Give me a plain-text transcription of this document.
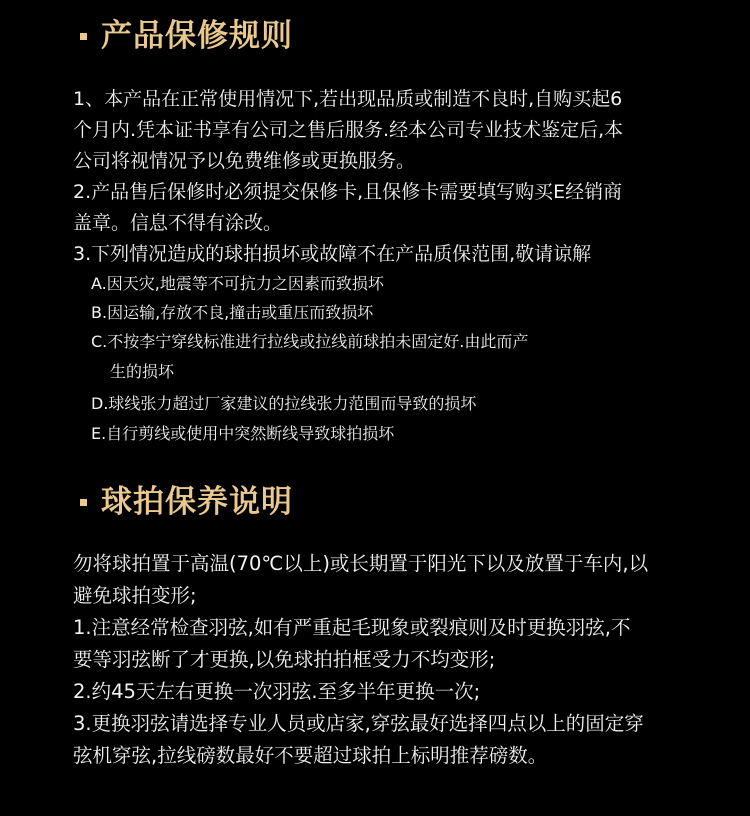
产品保修规则
1、本产品在正常使用情况下,若出现品质或制造不良时,自购买起6
个月内.凭本证书享有公司之售后服务.经本公司专业技术鉴定后,本
公司将视情况予以免费维修或更换服务。
2.产品售后保修时必须提交保修卡,且保修卡需要填写购买E经销商
盖章。信息不得有涂改。
3.下列情况造成的球拍损坏或故障不在产品质保范围,敬请谅解
A.因天灾,地震等不可抗力之因素而致损坏
B.因运输,存放不良,撞击或重压而致损坏
C.不按李宁穿线标准进行拉线或拉线前球拍未固定好.由此而产
生的损坏
D.球线张力超过厂家建议的拉线张力范围而导致的损坏
E.自行剪线或使用中突然断线导致球拍损坏
球拍保养说明
勿将球拍置于高温(70℃以上)或长期置于阳光下以及放置于车内,以
避免球拍变形;
1.注意经常检查羽弦,如有严重起毛现象或裂痕则及时更换羽弦,不
要等羽弦断了才更换,以免球拍拍框受力不均变形;
2.约45天左右更换一次羽弦.至多半年更换一次;
3.更换羽弦请选择专业人员或店家,穿弦最好选择四点以上的固定穿
弦机穿弦,拉线磅数最好不要超过球拍上标明推荐磅数。
